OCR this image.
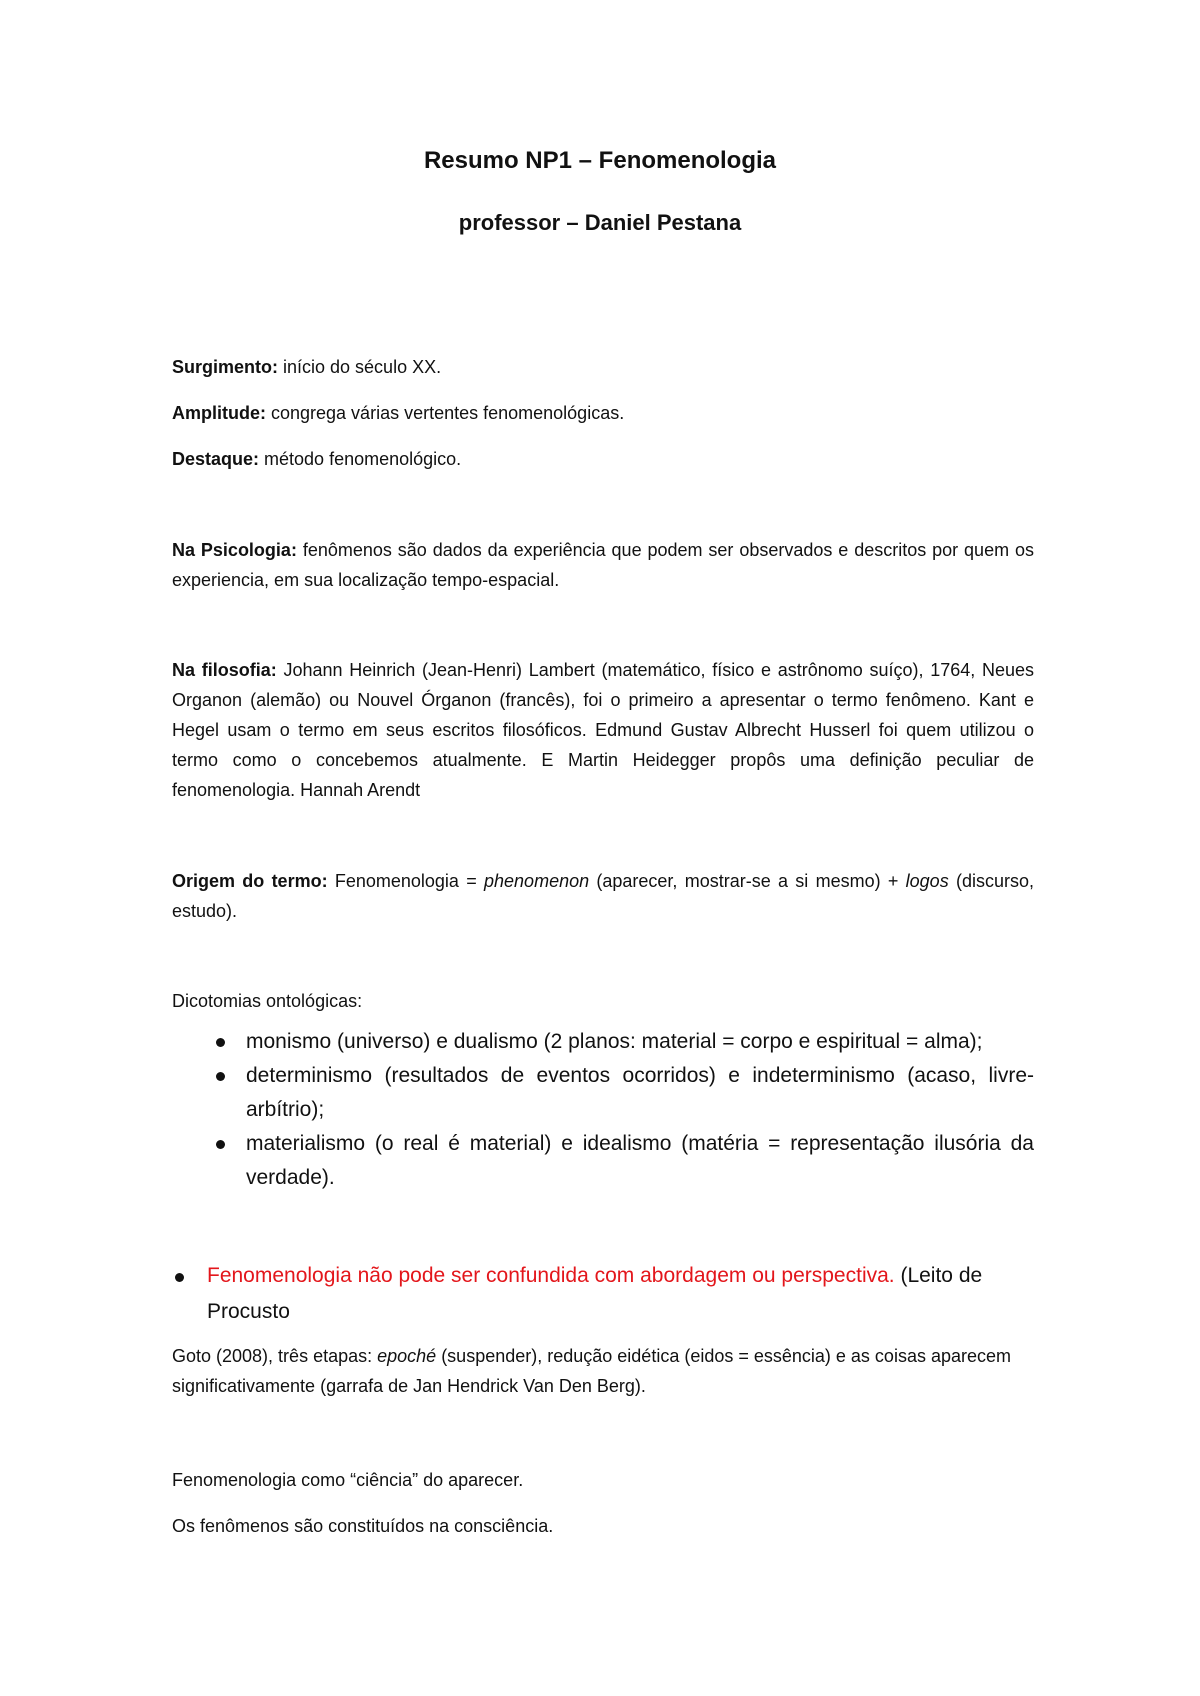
Resumo NP1 – Fenomenologia
professor – Daniel Pestana

Surgimento: início do século XX.

Amplitude: congrega várias vertentes fenomenológicas.

Destaque: método fenomenológico.

Na Psicologia: fenômenos são dados da experiência que podem ser observados e descritos por quem os experiencia, em sua localização tempo-espacial.

Na filosofia: Johann Heinrich (Jean-Henri) Lambert (matemático, físico e astrônomo suíço), 1764, Neues Organon (alemão) ou Nouvel Órganon (francês), foi o primeiro a apresentar o termo fenômeno. Kant e Hegel usam o termo em seus escritos filosóficos. Edmund Gustav Albrecht Husserl foi quem utilizou o termo como o concebemos atualmente. E Martin Heidegger propôs uma definição peculiar de fenomenologia. Hannah Arendt

Origem do termo: Fenomenologia = phenomenon (aparecer, mostrar-se a si mesmo) + logos (discurso, estudo).

Dicotomias ontológicas:

monismo (universo) e dualismo (2 planos: material = corpo e espiritual = alma);
determinismo (resultados de eventos ocorridos) e indeterminismo (acaso, livre-arbítrio);
materialismo (o real é material) e idealismo (matéria = representação ilusória da verdade).
Fenomenologia não pode ser confundida com abordagem ou perspectiva. (Leito de Procusto

Goto (2008), três etapas: epoché (suspender), redução eidética (eidos = essência) e as coisas aparecem significativamente (garrafa de Jan Hendrick Van Den Berg).

Fenomenologia como “ciência” do aparecer.

Os fenômenos são constituídos na consciência.
